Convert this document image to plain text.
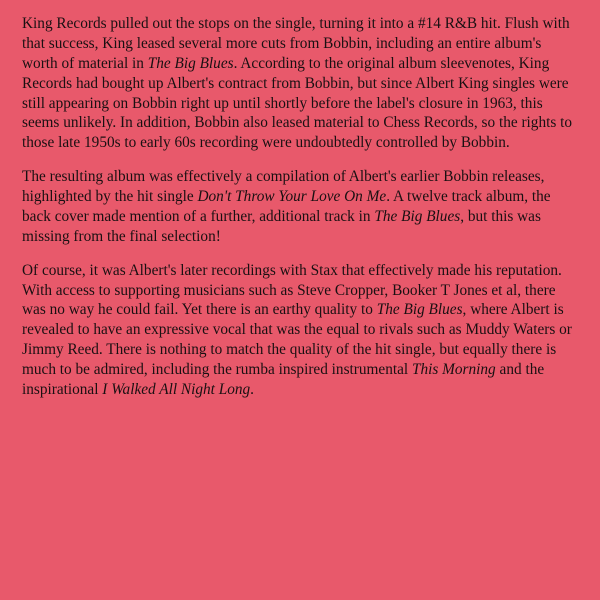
King Records pulled out the stops on the single, turning it into a #14 R&B hit. Flush with that success, King leased several more cuts from Bobbin, including an entire album's worth of material in The Big Blues. According to the original album sleevenotes, King Records had bought up Albert's contract from Bobbin, but since Albert King singles were still appearing on Bobbin right up until shortly before the label's closure in 1963, this seems unlikely. In addition, Bobbin also leased material to Chess Records, so the rights to those late 1950s to early 60s recording were undoubtedly controlled by Bobbin.

The resulting album was effectively a compilation of Albert's earlier Bobbin releases, highlighted by the hit single Don't Throw Your Love On Me. A twelve track album, the back cover made mention of a further, additional track in The Big Blues, but this was missing from the final selection!

Of course, it was Albert's later recordings with Stax that effectively made his reputation. With access to supporting musicians such as Steve Cropper, Booker T Jones et al, there was no way he could fail. Yet there is an earthy quality to The Big Blues, where Albert is revealed to have an expressive vocal that was the equal to rivals such as Muddy Waters or Jimmy Reed. There is nothing to match the quality of the hit single, but equally there is much to be admired, including the rumba inspired instrumental This Morning and the inspirational I Walked All Night Long.
